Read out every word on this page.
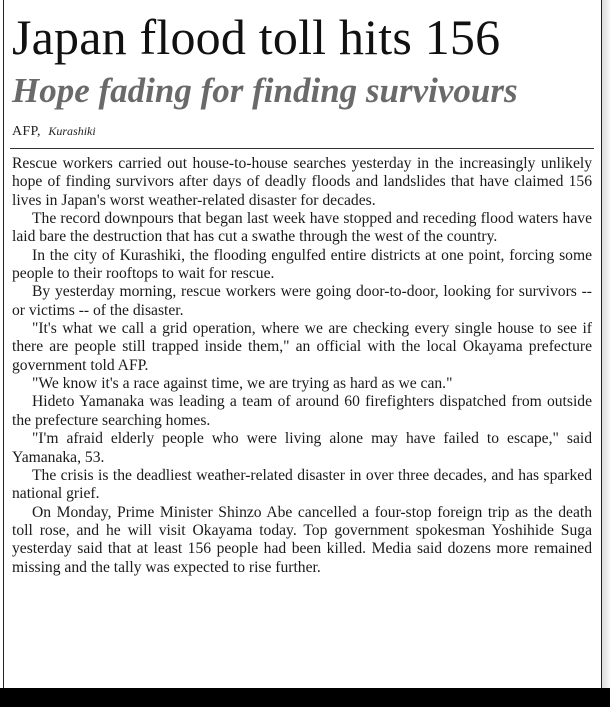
Japan flood toll hits 156
Hope fading for finding survivours
AFP, Kurashiki

Rescue workers carried out house-to-house searches yesterday in the increasingly unlikely hope of finding survivors after days of deadly floods and landslides that have claimed 156 lives in Japan's worst weather-related disaster for decades.

The record downpours that began last week have stopped and receding flood waters have laid bare the destruction that has cut a swathe through the west of the country.

In the city of Kurashiki, the flooding engulfed entire districts at one point, forcing some people to their rooftops to wait for rescue.

By yesterday morning, rescue workers were going door-to-door, looking for survivors -- or victims -- of the disaster.

"It's what we call a grid operation, where we are checking every single house to see if there are people still trapped inside them," an official with the local Okayama prefecture government told AFP.

"We know it's a race against time, we are trying as hard as we can."

Hideto Yamanaka was leading a team of around 60 firefighters dispatched from outside the prefecture searching homes.

"I'm afraid elderly people who were living alone may have failed to escape," said Yamanaka, 53.

The crisis is the deadliest weather-related disaster in over three decades, and has sparked national grief.

On Monday, Prime Minister Shinzo Abe cancelled a four-stop foreign trip as the death toll rose, and he will visit Okayama today. Top government spokesman Yoshihide Suga yesterday said that at least 156 people had been killed. Media said dozens more remained missing and the tally was expected to rise further.
